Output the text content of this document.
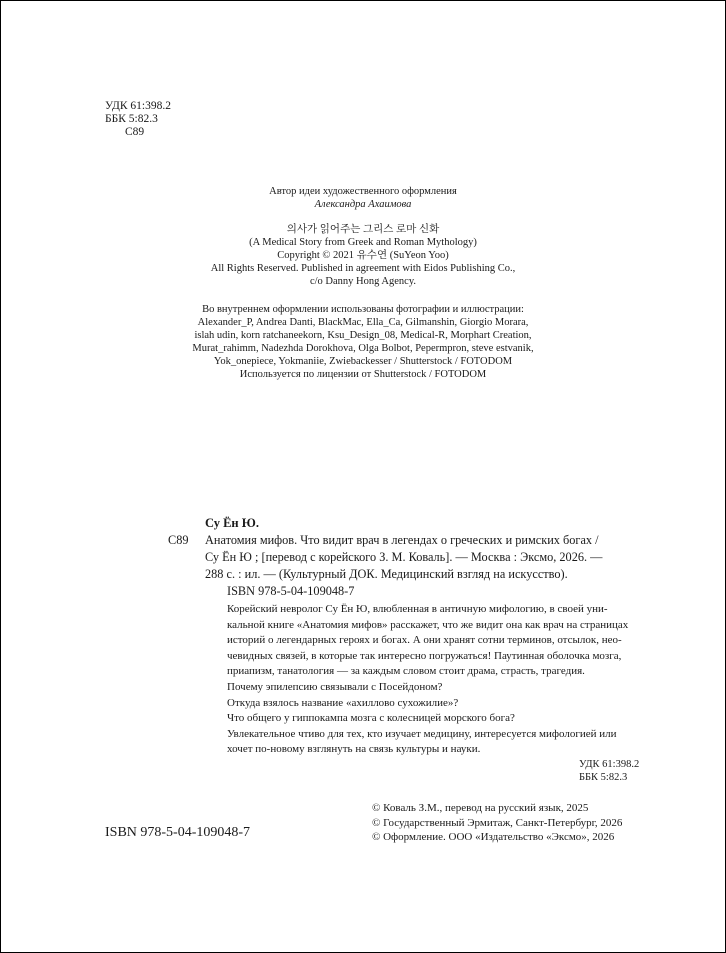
УДК 61:398.2
ББК 5:82.3
С89
Автор идеи художественного оформления
Александра Ахаимова
의사가 읽어주는 그리스 로마 신화
(A Medical Story from Greek and Roman Mythology)
Copyright © 2021 유수연 (SuYeon Yoo)
All Rights Reserved. Published in agreement with Eidos Publishing Co.,
c/o Danny Hong Agency.
Во внутреннем оформлении использованы фотографии и иллюстрации:
Alexander_P, Andrea Danti, BlackMac, Ella_Ca, Gilmanshin, Giorgio Morara,
islah udin, korn ratchaneekorn, Ksu_Design_08, Medical-R, Morphart Creation,
Murat_rahimm, Nadezhda Dorokhova, Olga Bolbot, Pepermpron, steve estvanik,
Yok_onepiece, Yokmaniie, Zwiebackesser / Shutterstock / FOTODOM
Используется по лицензии от Shutterstock / FOTODOM
Су Ён Ю.
С89 Анатомия мифов. Что видит врач в легендах о греческих и римских богах /
Су Ён Ю ; [перевод с корейского З. М. Коваль]. — Москва : Эксмо, 2026. —
288 с. : ил. — (Культурный ДОК. Медицинский взгляд на искусство).
ISBN 978-5-04-109048-7

Корейский невролог Су Ён Ю, влюбленная в античную мифологию, в своей уни-

кальной книге «Анатомия мифов» расскажет, что же видит она как врач на страницах

историй о легендарных героях и богах. А они хранят сотни терминов, отсылок, нео-

чевидных связей, в которые так интересно погружаться! Паутинная оболочка мозга,

приапизм, танатология — за каждым словом стоит драма, страсть, трагедия.

Почему эпилепсию связывали с Посейдоном?

Откуда взялось название «ахиллово сухожилие»?

Что общего у гиппокампа мозга с колесницей морского бога?

Увлекательное чтиво для тех, кто изучает медицину, интересуется мифологией или

хочет по-новому взглянуть на связь культуры и науки.

УДК 61:398.2
ББК 5:82.3
© Коваль З.М., перевод на русский язык, 2025
© Государственный Эрмитаж, Санкт-Петербург, 2026
© Оформление. ООО «Издательство «Эксмо», 2026
ISBN 978-5-04-109048-7
